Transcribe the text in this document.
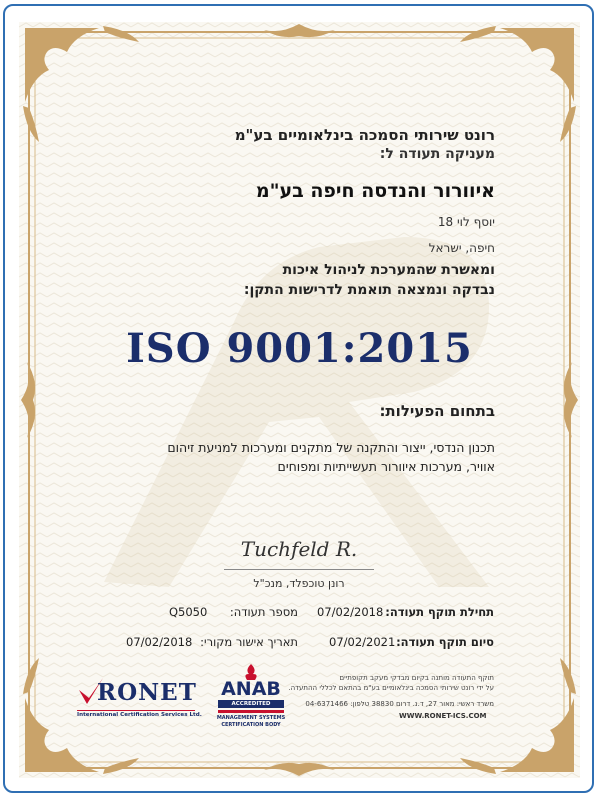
רונט שירותי הסמכה בינלאומיים בע"מ
מעניקה תעודה ל:
איוורור והנדסה חיפה בע"מ
יוסף לוי 18
חיפה, ישראל
ומאשרת שהמערכת לניהול איכות
נבדקה ונמצאה תואמת לדרישות התקן:
ISO 9001:2015
בתחום הפעילות:
תכנון הנדסי, ייצור והתקנה של מתקנים ומערכות למניעת זיהום
אוויר, מערכות איוורור תעשייתיות ומפוחים
Tuchfeld R.
רונן טוכפלד, מנכ"ל
תחילת תוקף תעודה:
07/02/2018
מספר תעודה:
Q5050
סיום תוקף תעודה:
07/02/2021
תאריך אישור מקורי:
07/02/2018
תוקף התעודה מותנה בקיום מבדקי מעקב תקופתיים
על ידי רונט שירותי הסמכה בינלאומיים בע"מ בהתאם לכללי ההתעדה.
משרד ראשי: מאור 27, ד.נ. דרום 38830 טלפון: 04-6371466
WWW.RONET-ICS.COM
RONET
International Certification Services Ltd.
ANAB
ACCREDITED
MANAGEMENT SYSTEMS
CERTIFICATION BODY
